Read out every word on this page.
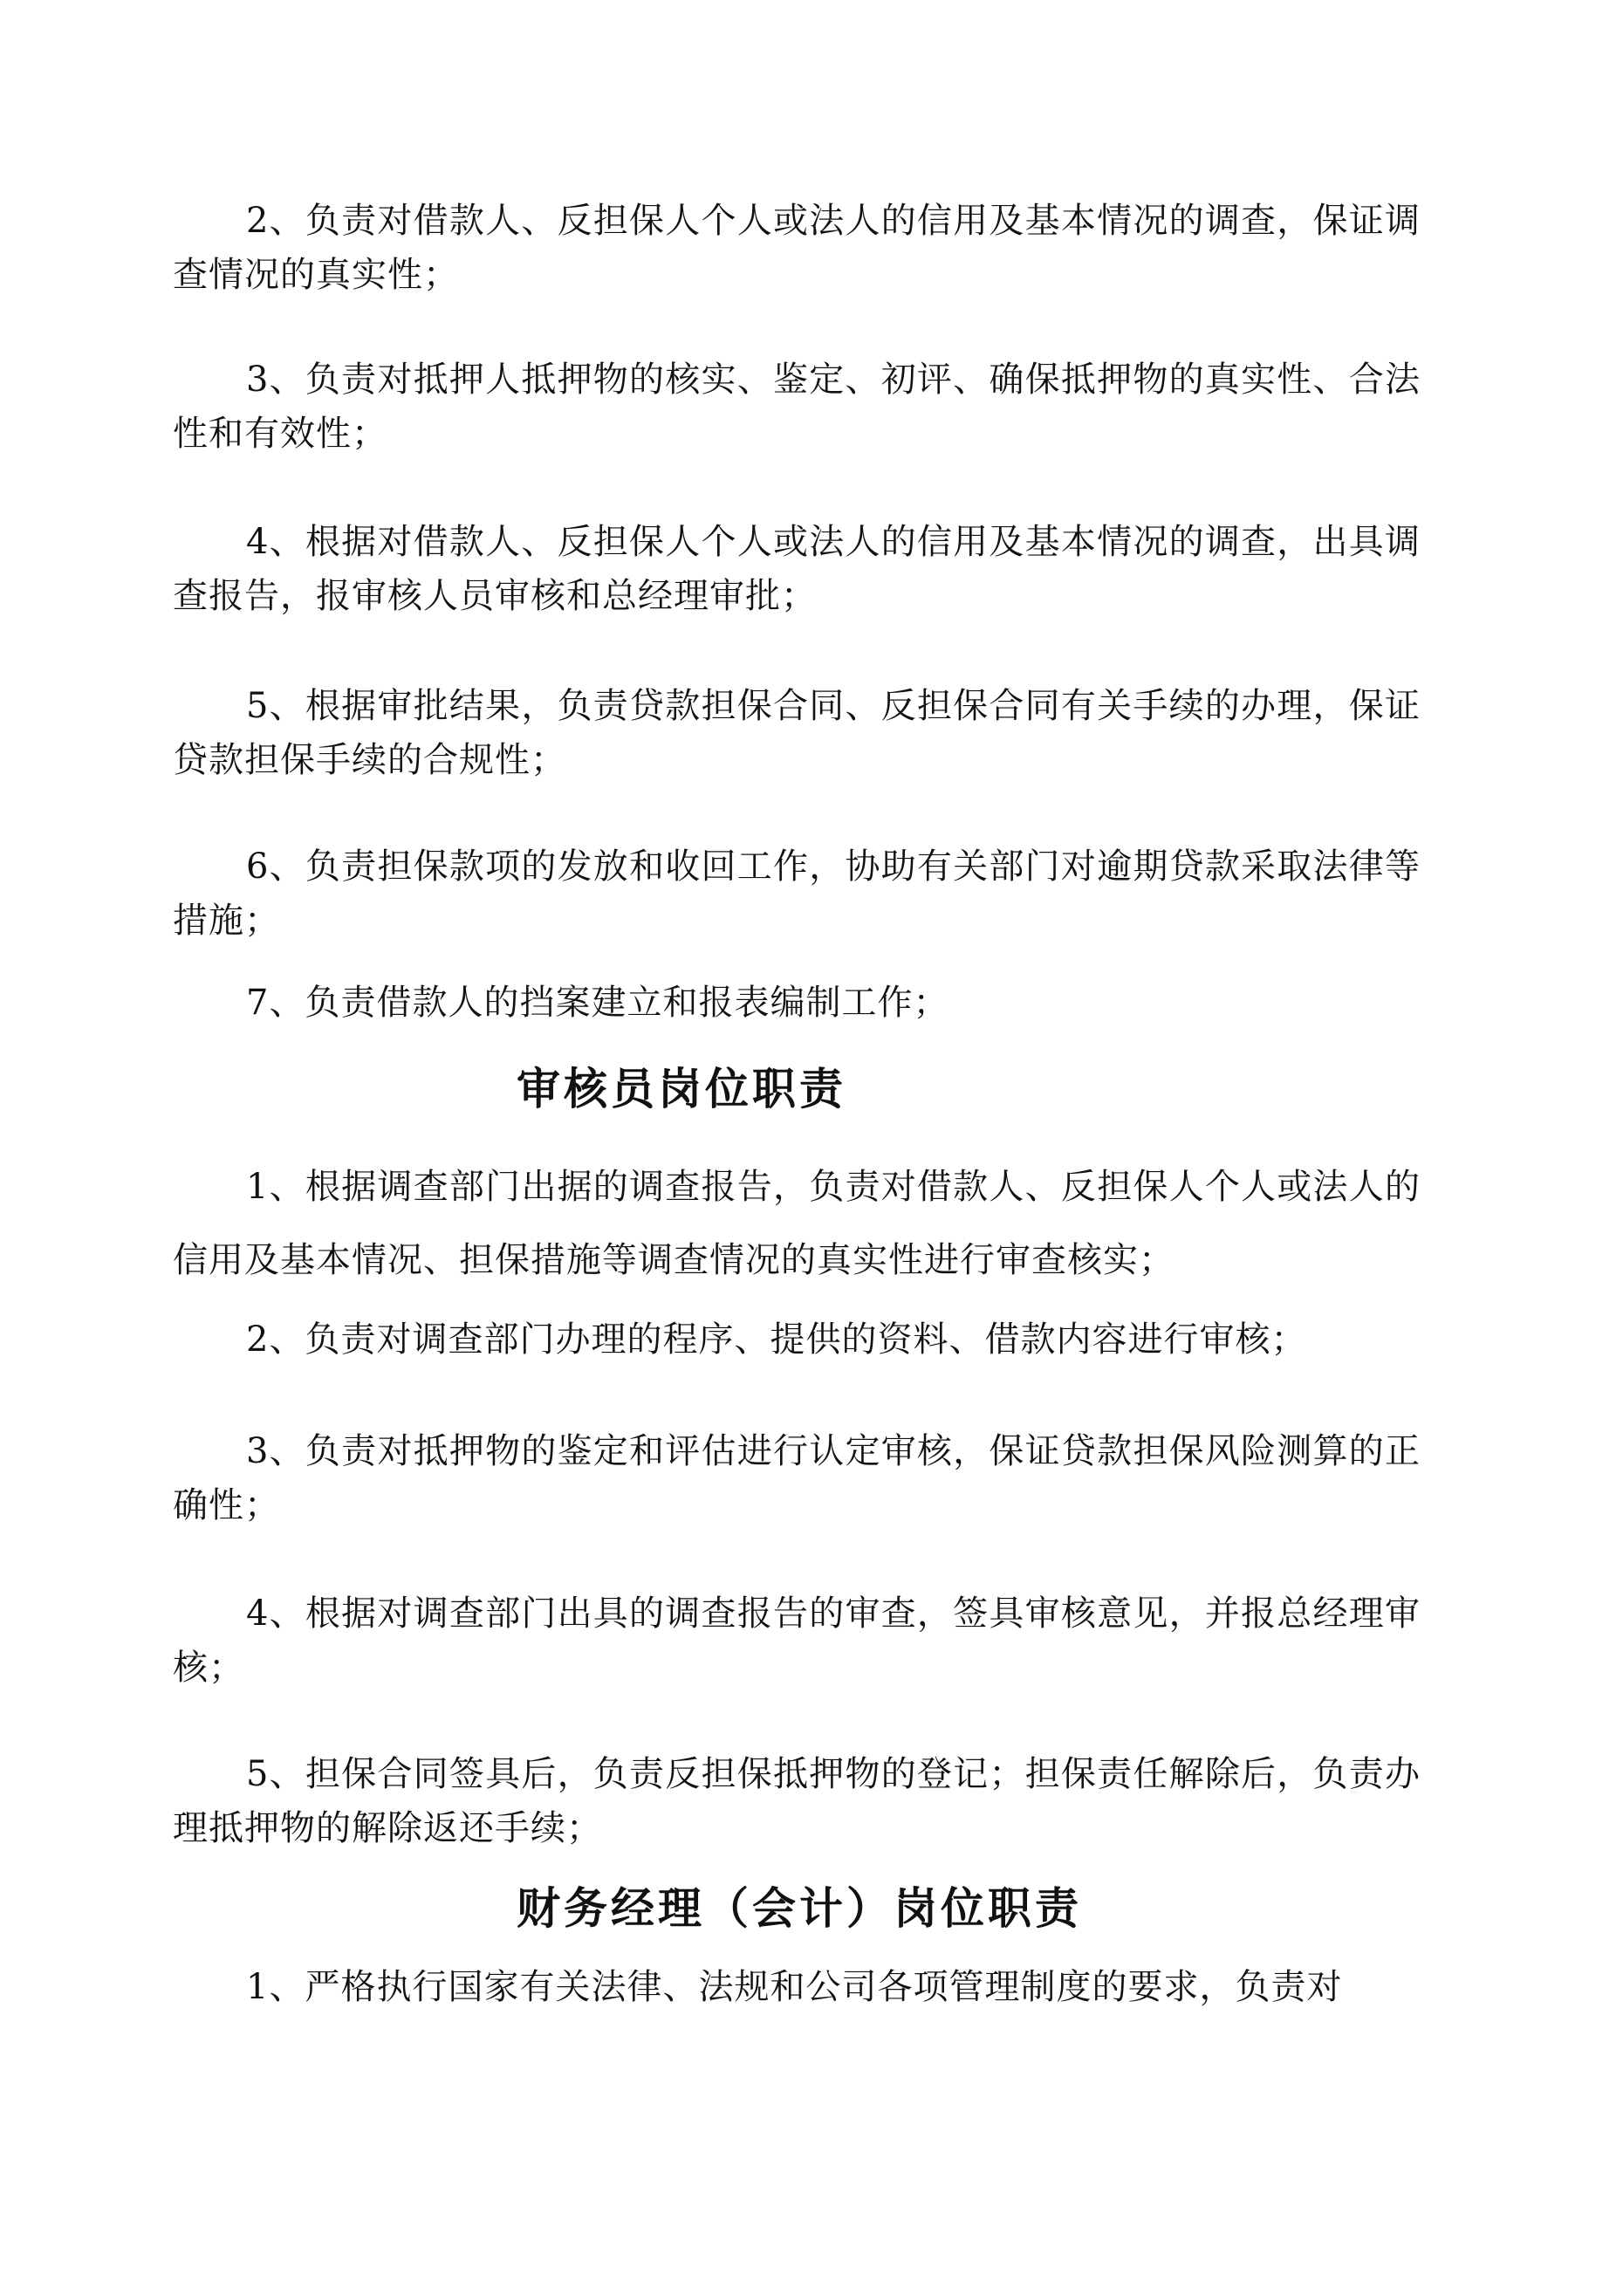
2、负责对借款人、反担保人个人或法人的信用及基本情况的调查，保证调查情况的真实性；

3、负责对抵押人抵押物的核实、鉴定、初评、确保抵押物的真实性、合法性和有效性；

4、根据对借款人、反担保人个人或法人的信用及基本情况的调查，出具调查报告，报审核人员审核和总经理审批；

5、根据审批结果，负责贷款担保合同、反担保合同有关手续的办理，保证贷款担保手续的合规性；

6、负责担保款项的发放和收回工作，协助有关部门对逾期贷款采取法律等措施；

7、负责借款人的挡案建立和报表编制工作；

审核员岗位职责

1、根据调查部门出据的调查报告，负责对借款人、反担保人个人或法人的信用及基本情况、担保措施等调查情况的真实性进行审查核实；

2、负责对调查部门办理的程序、提供的资料、借款内容进行审核；

3、负责对抵押物的鉴定和评估进行认定审核，保证贷款担保风险测算的正确性；

4、根据对调查部门出具的调查报告的审查，签具审核意见，并报总经理审核；

5、担保合同签具后，负责反担保抵押物的登记；担保责任解除后，负责办理抵押物的解除返还手续；

财务经理（会计）岗位职责

1、严格执行国家有关法律、法规和公司各项管理制度的要求，负责对
